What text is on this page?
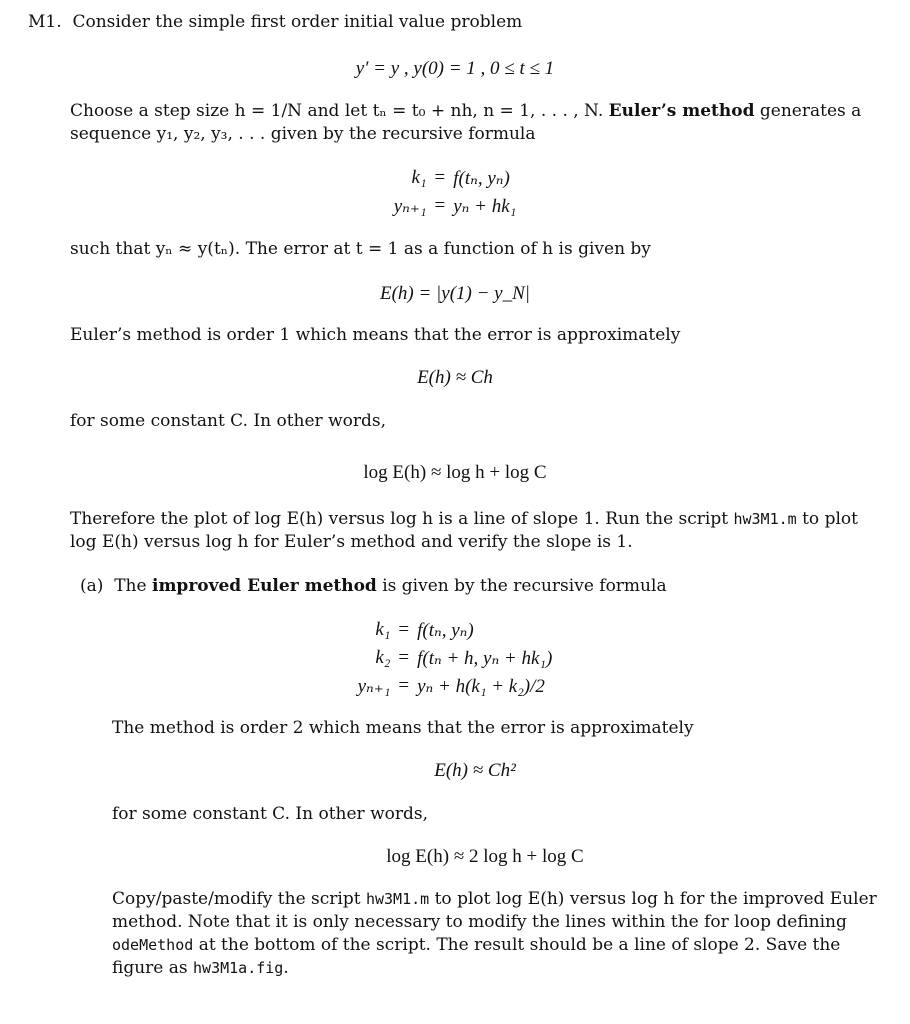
M1. Consider the simple first order initial value problem
y′ = y , y(0) = 1 , 0 ≤ t ≤ 1
Choose a step size h = 1/N and let tₙ = t₀ + nh, n = 1, . . . , N. Euler’s method generates a
sequence y₁, y₂, y₃, . . . given by the recursive formula
k₁	=	f(tₙ, yₙ)
yₙ₊₁	=	yₙ + hk₁
such that yₙ ≈ y(tₙ). The error at t = 1 as a function of h is given by
E(h) = |y(1) − y_N|
Euler’s method is order 1 which means that the error is approximately
E(h) ≈ Ch
for some constant C. In other words,
log E(h) ≈ log h + log C
Therefore the plot of log E(h) versus log h is a line of slope 1. Run the script hw3M1.m to plot
log E(h) versus log h for Euler’s method and verify the slope is 1.
(a) The improved Euler method is given by the recursive formula
k₁	=	f(tₙ, yₙ)
k₂	=	f(tₙ + h, yₙ + hk₁)
yₙ₊₁	=	yₙ + h(k₁ + k₂)/2
The method is order 2 which means that the error is approximately
E(h) ≈ Ch²
for some constant C. In other words,
log E(h) ≈ 2 log h + log C
Copy/paste/modify the script hw3M1.m to plot log E(h) versus log h for the improved Euler
method. Note that it is only necessary to modify the lines within the for loop defining
odeMethod at the bottom of the script. The result should be a line of slope 2. Save the
figure as hw3M1a.fig.
